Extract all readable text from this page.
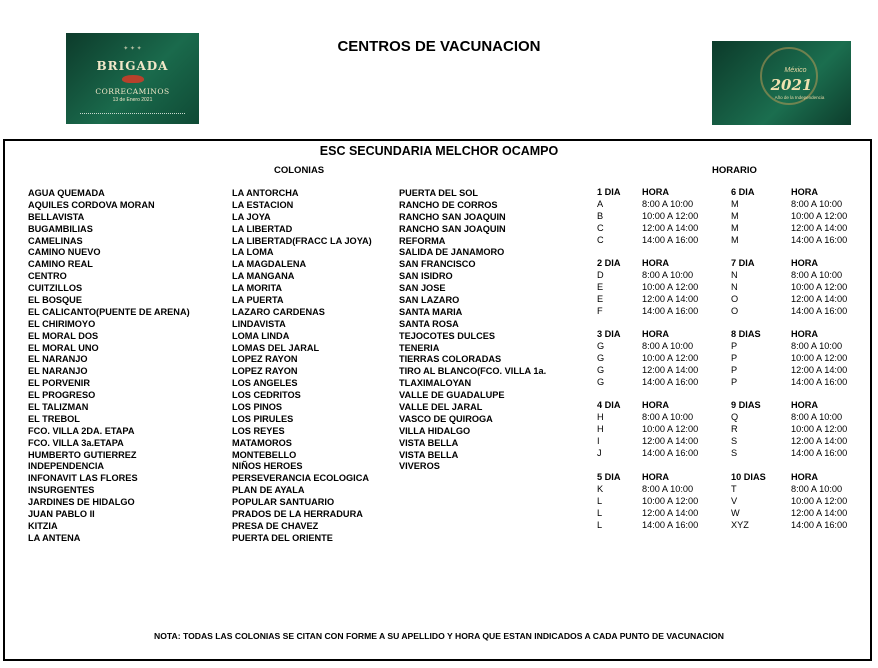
✦ ✦ ✦
BRIGADA
CORRECAMINOS
13 de Enero 2021
CENTROS DE VACUNACION
México
2021
Año de la Independencia
ESC SECUNDARIA MELCHOR OCAMPO
COLONIAS	HORARIO
AGUA QUEMADA
AQUILES CORDOVA MORAN
BELLAVISTA
BUGAMBILIAS
CAMELINAS
CAMINO NUEVO
CAMINO REAL
CENTRO
CUITZILLOS
EL BOSQUE
EL CALICANTO(PUENTE DE ARENA)
EL CHIRIMOYO
EL MORAL DOS
EL MORAL UNO
EL NARANJO
EL NARANJO
EL PORVENIR
EL PROGRESO
EL TALIZMAN
EL TREBOL
FCO. VILLA 2DA. ETAPA
FCO. VILLA 3a.ETAPA
HUMBERTO GUTIERREZ
INDEPENDENCIA
INFONAVIT LAS FLORES
INSURGENTES
JARDINES DE HIDALGO
JUAN PABLO II
KITZIA
LA ANTENA
LA ANTORCHA
LA ESTACION
LA JOYA
LA LIBERTAD
LA LIBERTAD(FRACC LA JOYA)
LA LOMA
LA MAGDALENA
LA MANGANA
LA MORITA
LA PUERTA
LAZARO CARDENAS
LINDAVISTA
LOMA LINDA
LOMAS DEL JARAL
LOPEZ RAYON
LOPEZ RAYON
LOS ANGELES
LOS CEDRITOS
LOS PINOS
LOS PIRULES
LOS REYES
MATAMOROS
MONTEBELLO
NIÑOS HEROES
PERSEVERANCIA ECOLOGICA
PLAN DE AYALA
POPULAR SANTUARIO
PRADOS DE LA HERRADURA
PRESA DE CHAVEZ
PUERTA DEL ORIENTE
PUERTA DEL SOL
RANCHO DE CORROS
RANCHO SAN JOAQUIN
RANCHO SAN JOAQUIN
REFORMA
SALIDA DE JANAMORO
SAN FRANCISCO
SAN ISIDRO
SAN JOSE
SAN LAZARO
SANTA MARIA
SANTA ROSA
TEJOCOTES DULCES
TENERIA
TIERRAS COLORADAS
TIRO AL BLANCO(FCO. VILLA 1a.
TLAXIMALOYAN
VALLE DE GUADALUPE
VALLE DEL JARAL
VASCO DE QUIROGA
VILLA HIDALGO
VISTA BELLA
VISTA BELLA
VIVEROS
1 DIA HORA
A	8:00 A 10:00
B	10:00 A 12:00
C	12:00 A 14:00
C	14:00 A 16:00
6 DIA	HORA
M	8:00 A 10:00
M	10:00 A 12:00
M	12:00 A 14:00
M	14:00 A 16:00
2 DIA HORA
D	8:00 A 10:00
E	10:00 A 12:00
E	12:00 A 14:00
F	14:00 A 16:00
7 DIA	HORA
N	8:00 A 10:00
N	10:00 A 12:00
O	12:00 A 14:00
O	14:00 A 16:00
3 DIA HORA
G	8:00 A 10:00
G	10:00 A 12:00
G	12:00 A 14:00
G	14:00 A 16:00
8 DIAS	HORA
P	8:00 A 10:00
P	10:00 A 12:00
P	12:00 A 14:00
P	14:00 A 16:00
4 DIA HORA
H	8:00 A 10:00
H	10:00 A 12:00
I	12:00 A 14:00
J	14:00 A 16:00
9 DIAS	HORA
Q	8:00 A 10:00
R	10:00 A 12:00
S	12:00 A 14:00
S	14:00 A 16:00
5 DIA HORA
K	8:00 A 10:00
L	10:00 A 12:00
L	12:00 A 14:00
L	14:00 A 16:00
10 DIAS	HORA
T	8:00 A 10:00
V	10:00 A 12:00
W	12:00 A 14:00
XYZ	14:00 A 16:00
NOTA: TODAS LAS COLONIAS SE CITAN CON FORME A SU APELLIDO Y HORA QUE ESTAN INDICADOS A CADA PUNTO DE VACUNACION
